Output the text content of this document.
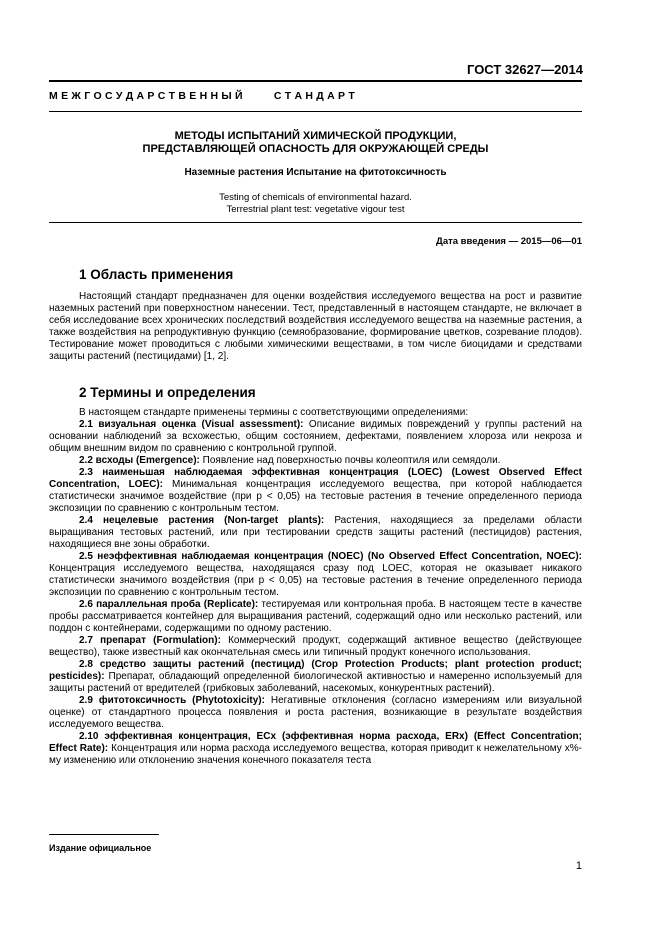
ГОСТ 32627—2014
М Е Ж Г О С У Д А Р С Т В Е Н Н Ы Й          С Т А Н Д А Р Т
МЕТОДЫ ИСПЫТАНИЙ ХИМИЧЕСКОЙ ПРОДУКЦИИ,
ПРЕДСТАВЛЯЮЩЕЙ ОПАСНОСТЬ ДЛЯ ОКРУЖАЮЩЕЙ СРЕДЫ
Наземные растения Испытание на фитотоксичность
Testing of chemicals of environmental hazard.
Terrestrial plant test: vegetative vigour test
Дата введения — 2015—06—01
1 Область применения

Настоящий стандарт предназначен для оценки воздействия исследуемого вещества на рост и развитие наземных растений при поверхностном нанесении. Тест, представленный в настоящем стандарте, не включает в себя исследование всех хронических последствий воздействия исследуемого вещества на наземные растения, а также воздействия на репродуктивную функцию (семяобразование, формирование цветков, созревание плодов). Тестирование может проводиться с любыми химическими веществами, в том числе биоцидами и средствами защиты растений (пестицидами) [1, 2].

2 Термины и определения

В настоящем стандарте применены термины с соответствующими определениями:

2.1 визуальная оценка (Visual assessment): Описание видимых повреждений у группы растений на основании наблюдений за всхожестью, общим состоянием, дефектами, появлением хлороза или некроза и общим внешним видом по сравнению с контрольной группой.

2.2 всходы (Emergence): Появление над поверхностью почвы колеоптиля или семядоли.

2.3 наименьшая наблюдаемая эффективная концентрация (LOEC) (Lowest Observed Effect Concentration, LOEC): Минимальная концентрация исследуемого вещества, при которой наблюдается статистически значимое воздействие (при p < 0,05) на тестовые растения в течение определенного периода экспозиции по сравнению с контрольным тестом.

2.4 нецелевые растения (Non-target plants): Растения, находящиеся за пределами области выращивания тестовых растений, или при тестировании средств защиты растений (пестицидов) растения, находящиеся вне зоны обработки.

2.5 неэффективная наблюдаемая концентрация (NOEC) (No Observed Effect Concentration, NOEC): Концентрация исследуемого вещества, находящаяся сразу под LOEC, которая не оказывает никакого статистически значимого воздействия (при p < 0,05) на тестовые растения в течение определенного периода экспозиции по сравнению с контрольным тестом.

2.6 параллельная проба (Replicate): тестируемая или контрольная проба. В настоящем тесте в качестве пробы рассматривается контейнер для выращивания растений, содержащий одно или несколько растений, или поддон с контейнерами, содержащими по одному растению.

2.7 препарат (Formulation): Коммерческий продукт, содержащий активное вещество (действующее вещество), также известный как окончательная смесь или типичный продукт конечного использования.

2.8 средство защиты растений (пестицид) (Crop Protection Products; plant protection product; pesticides): Препарат, обладающий определенной биологической активностью и намеренно используемый для защиты растений от вредителей (грибковых заболеваний, насекомых, конкурентных растений).

2.9 фитотоксичность (Phytotoxicity): Негативные отклонения (согласно измерениям или визуальной оценке) от стандартного процесса появления и роста растения, возникающие в результате воздействия исследуемого вещества.

2.10 эффективная концентрация, ECx (эффективная норма расхода, ERx) (Effect Concentration; Effect Rate): Концентрация или норма расхода исследуемого вещества, которая приводит к нежелательному x%-му изменению или отклонению значения конечного показателя теста

Издание официальное
1
